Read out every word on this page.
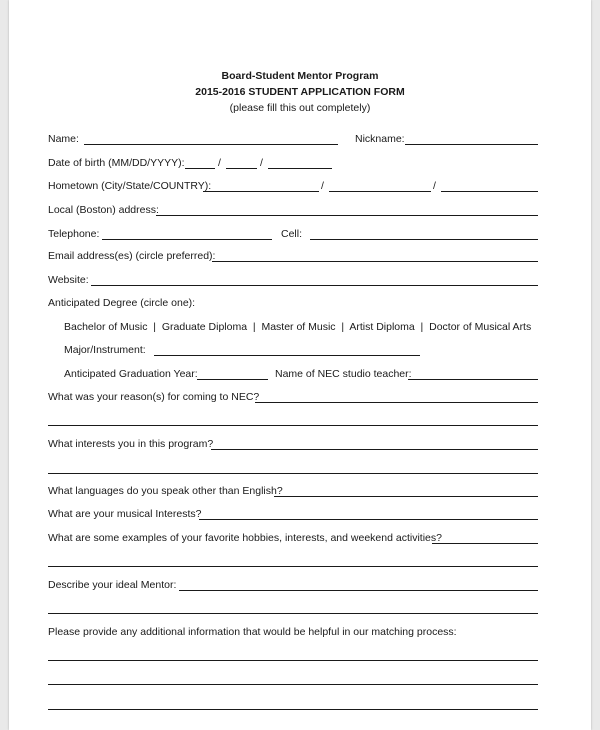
Board-Student Mentor Program
2015-2016 STUDENT APPLICATION FORM
(please fill this out completely)
Name:	Nickname:
Date of birth (MM/DD/YYYY):	/	/
Hometown (City/State/COUNTRY):	/	/
Local (Boston) address:
Telephone:	Cell:
Email address(es) (circle preferred):
Website:
Anticipated Degree (circle one):
Bachelor of Music  |  Graduate Diploma  |  Master of Music  |  Artist Diploma  |  Doctor of Musical Arts
Major/Instrument:
Anticipated Graduation Year:	Name of NEC studio teacher:
What was your reason(s) for coming to NEC?
What interests you in this program?
What languages do you speak other than English?
What are your musical Interests?
What are some examples of your favorite hobbies, interests, and weekend activities?
Describe your ideal Mentor:
Please provide any additional information that would be helpful in our matching process:
